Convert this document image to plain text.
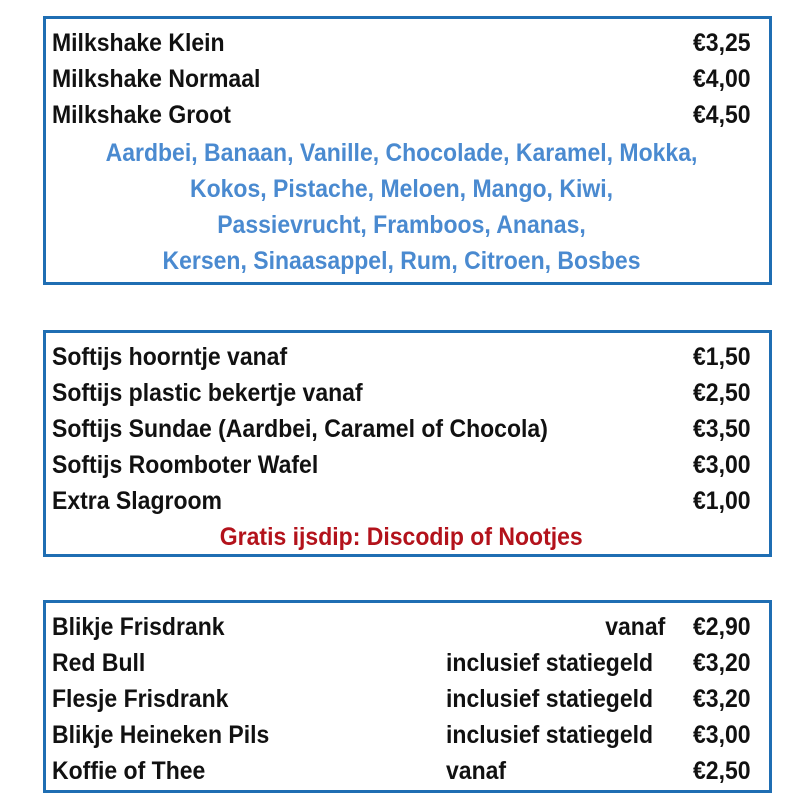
Milkshake Klein	€3,25
Milkshake Normaal	€4,00
Milkshake Groot	€4,50
Aardbei, Banaan, Vanille, Chocolade, Karamel, Mokka,
Kokos, Pistache, Meloen, Mango, Kiwi,
Passievrucht, Framboos, Ananas,
Kersen, Sinaasappel, Rum, Citroen, Bosbes
Softijs hoorntje vanaf	€1,50
Softijs plastic bekertje vanaf	€2,50
Softijs Sundae (Aardbei, Caramel of Chocola)	€3,50
Softijs Roomboter Wafel	€3,00
Extra Slagroom	€1,00
Gratis ijsdip: Discodip of Nootjes
Blikje Frisdrank	vanaf €2,90
Red Bull	inclusief statiegeld €3,20
Flesje Frisdrank	inclusief statiegeld €3,20
Blikje Heineken Pils	inclusief statiegeld €3,00
Koffie of Thee	vanaf	€2,50
